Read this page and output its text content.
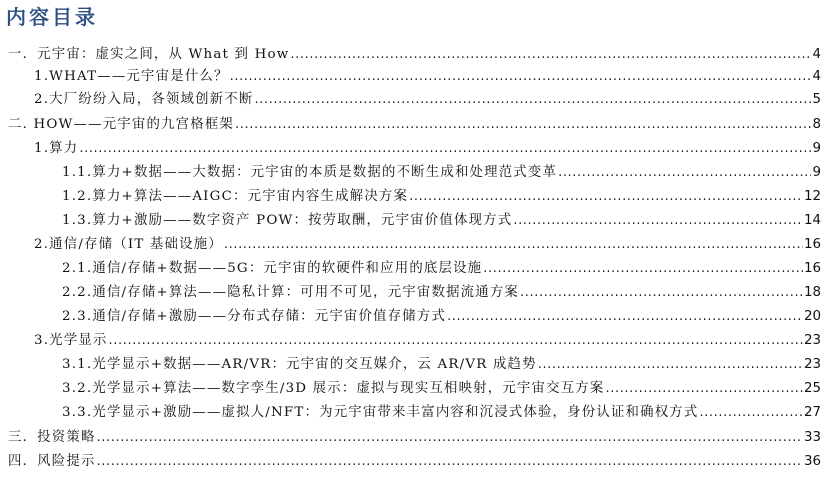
内容目录
一．元宇宙：虚实之间，从 What 到 How .....	4
1.WHAT——元宇宙是什么？ .....	4
2.大厂纷纷入局，各领域创新不断 .....	5
二. HOW——元宇宙的九宫格框架 .....	8
1.算力 .....	9
1.1.算力+数据——大数据：元宇宙的本质是数据的不断生成和处理范式变革 .....	9
1.2.算力+算法——AIGC：元宇宙内容生成解决方案 .....	12
1.3.算力+激励——数字资产 POW：按劳取酬，元宇宙价值体现方式 .....	14
2.通信/存储（IT 基础设施） .....	16
2.1.通信/存储+数据——5G：元宇宙的软硬件和应用的底层设施 .....	16
2.2.通信/存储+算法——隐私计算：可用不可见，元宇宙数据流通方案 .....	18
2.3.通信/存储+激励——分布式存储：元宇宙价值存储方式 .....	20
3.光学显示 .....	23
3.1.光学显示+数据——AR/VR：元宇宙的交互媒介，云 AR/VR 成趋势 .....	23
3.2.光学显示+算法——数字孪生/3D 展示：虚拟与现实互相映射，元宇宙交互方案 .....	25
3.3.光学显示+激励——虚拟人/NFT：为元宇宙带来丰富内容和沉浸式体验，身份认证和确权方式 .....	27
三．投资策略 .....	33
四．风险提示 .....	36
